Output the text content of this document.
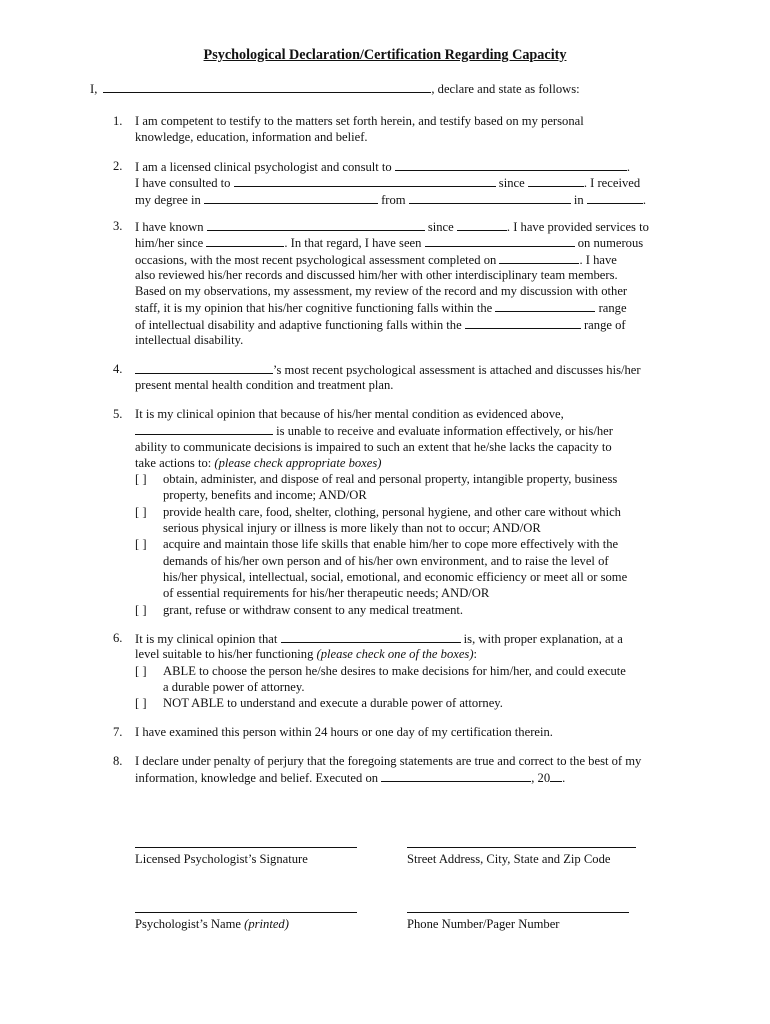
Psychological Declaration/Certification Regarding Capacity
I,	, declare and state as follows:
1. I am competent to testify to the matters set forth herein, and testify based on my personal
knowledge, education, information and belief.
2. I am a licensed clinical psychologist and consult to	.
I have consulted to	since	. I received
my degree in	from	in	.
3. I have known	since	. I have provided services to
him/her since	. In that regard, I have seen	on numerous
occasions, with the most recent psychological assessment completed on	. I have
also reviewed his/her records and discussed him/her with other interdisciplinary team members.
Based on my observations, my assessment, my review of the record and my discussion with other
staff, it is my opinion that his/her cognitive functioning falls within the	range
of intellectual disability and adaptive functioning falls within the	range of
intellectual disability.
4.	’s most recent psychological assessment is attached and discusses his/her
present mental health condition and treatment plan.
5. It is my clinical opinion that because of his/her mental condition as evidenced above,
is unable to receive and evaluate information effectively, or his/her
ability to communicate decisions is impaired to such an extent that he/she lacks the capacity to
take actions to: (please check appropriate boxes)
[ ] obtain, administer, and dispose of real and personal property, intangible property, business
property, benefits and income; AND/OR
[ ] provide health care, food, shelter, clothing, personal hygiene, and other care without which
serious physical injury or illness is more likely than not to occur; AND/OR
[ ] acquire and maintain those life skills that enable him/her to cope more effectively with the
demands of his/her own person and of his/her own environment, and to raise the level of
his/her physical, intellectual, social, emotional, and economic efficiency or meet all or some
of essential requirements for his/her therapeutic needs; AND/OR
[ ] grant, refuse or withdraw consent to any medical treatment.
6. It is my clinical opinion that	is, with proper explanation, at a
level suitable to his/her functioning (please check one of the boxes):
[ ] ABLE to choose the person he/she desires to make decisions for him/her, and could execute
a durable power of attorney.
[ ] NOT ABLE to understand and execute a durable power of attorney.
7. I have examined this person within 24 hours or one day of my certification therein.
8. I declare under penalty of perjury that the foregoing statements are true and correct to the best of my
information, knowledge and belief. Executed on	, 20 .
Licensed Psychologist’s Signature	Street Address, City, State and Zip Code
Psychologist’s Name (printed)	Phone Number/Pager Number
